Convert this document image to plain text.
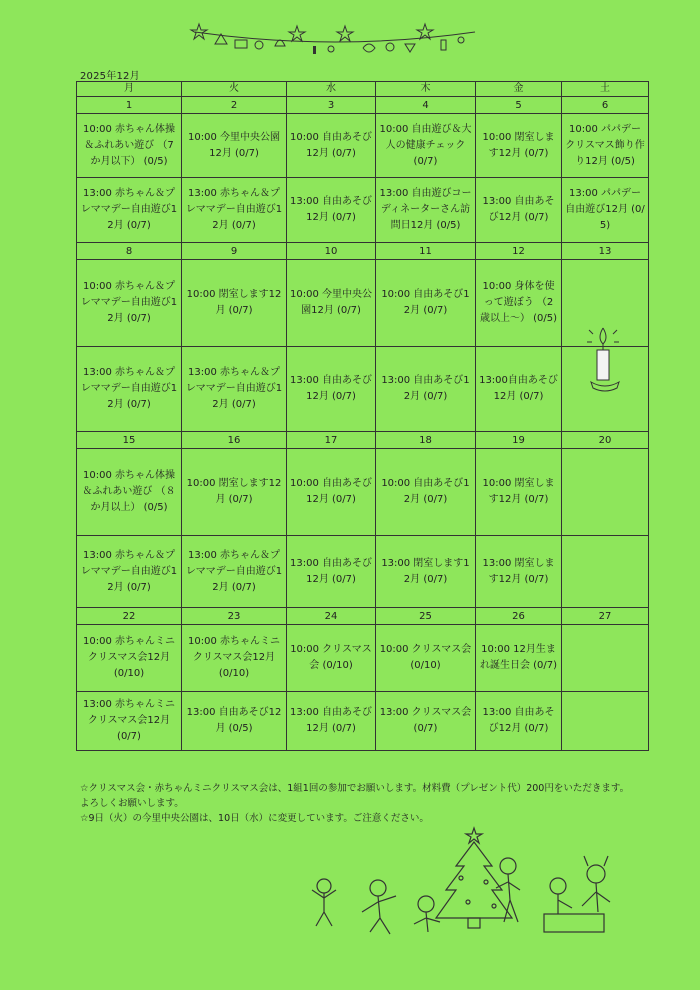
2025年12月
月	火	水	木	金	土
1	2	3	4	5	6
10:00 赤ちゃん体操＆ふれあい遊び （7か月以下） (0/5)	10:00 今里中央公園12月 (0/7)	10:00 自由あそび12月 (0/7)	10:00 自由遊び＆大人の健康チェック (0/7)	10:00 閉室します12月 (0/7)	10:00 パパデークリスマス飾り作り12月 (0/5)
13:00 赤ちゃん＆プレママデー自由遊び12月 (0/7)	13:00 赤ちゃん＆プレママデー自由遊び12月 (0/7)	13:00 自由あそび12月 (0/7)	13:00 自由遊びコーディネーターさん訪問日12月 (0/5)	13:00 自由あそび12月 (0/7)	13:00 パパデー自由遊び12月 (0/5)
8	9	10	11	12	13
10:00 赤ちゃん＆プレママデー自由遊び12月 (0/7)	10:00 閉室します12月 (0/7)	10:00 今里中央公園12月 (0/7)	10:00 自由あそび12月 (0/7)	10:00 身体を使って遊ぼう （2歳以上～） (0/5)	
13:00 赤ちゃん＆プレママデー自由遊び12月 (0/7)	13:00 赤ちゃん＆プレママデー自由遊び12月 (0/7)	13:00 自由あそび12月 (0/7)	13:00 自由あそび12月 (0/7)	13:00自由あそび12月 (0/7)	
15	16	17	18	19	20
10:00 赤ちゃん体操＆ふれあい遊び （８か月以上） (0/5)	10:00 閉室します12月 (0/7)	10:00 自由あそび12月 (0/7)	10:00 自由あそび12月 (0/7)	10:00 閉室します12月 (0/7)	
13:00 赤ちゃん＆プレママデー自由遊び12月 (0/7)	13:00 赤ちゃん＆プレママデー自由遊び12月 (0/7)	13:00 自由あそび12月 (0/7)	13:00 閉室します12月 (0/7)	13:00 閉室します12月 (0/7)	
22	23	24	25	26	27
10:00 赤ちゃんミニクリスマス会12月 (0/10)	10:00 赤ちゃんミニクリスマス会12月 (0/10)	10:00 クリスマス会 (0/10)	10:00 クリスマス会 (0/10)	10:00 12月生まれ誕生日会 (0/7)	
13:00 赤ちゃんミニクリスマス会12月 (0/7)	13:00 自由あそび12月 (0/5)	13:00 自由あそび12月 (0/7)	13:00 クリスマス会 (0/7)	13:00 自由あそび12月 (0/7)	
☆クリスマス会・赤ちゃんミニクリスマス会は、1組1回の参加でお願いします。材料費（プレゼント代）200円をいただきます。
よろしくお願いします。
☆9日（火）の今里中央公園は、10日（水）に変更しています。ご注意ください。
